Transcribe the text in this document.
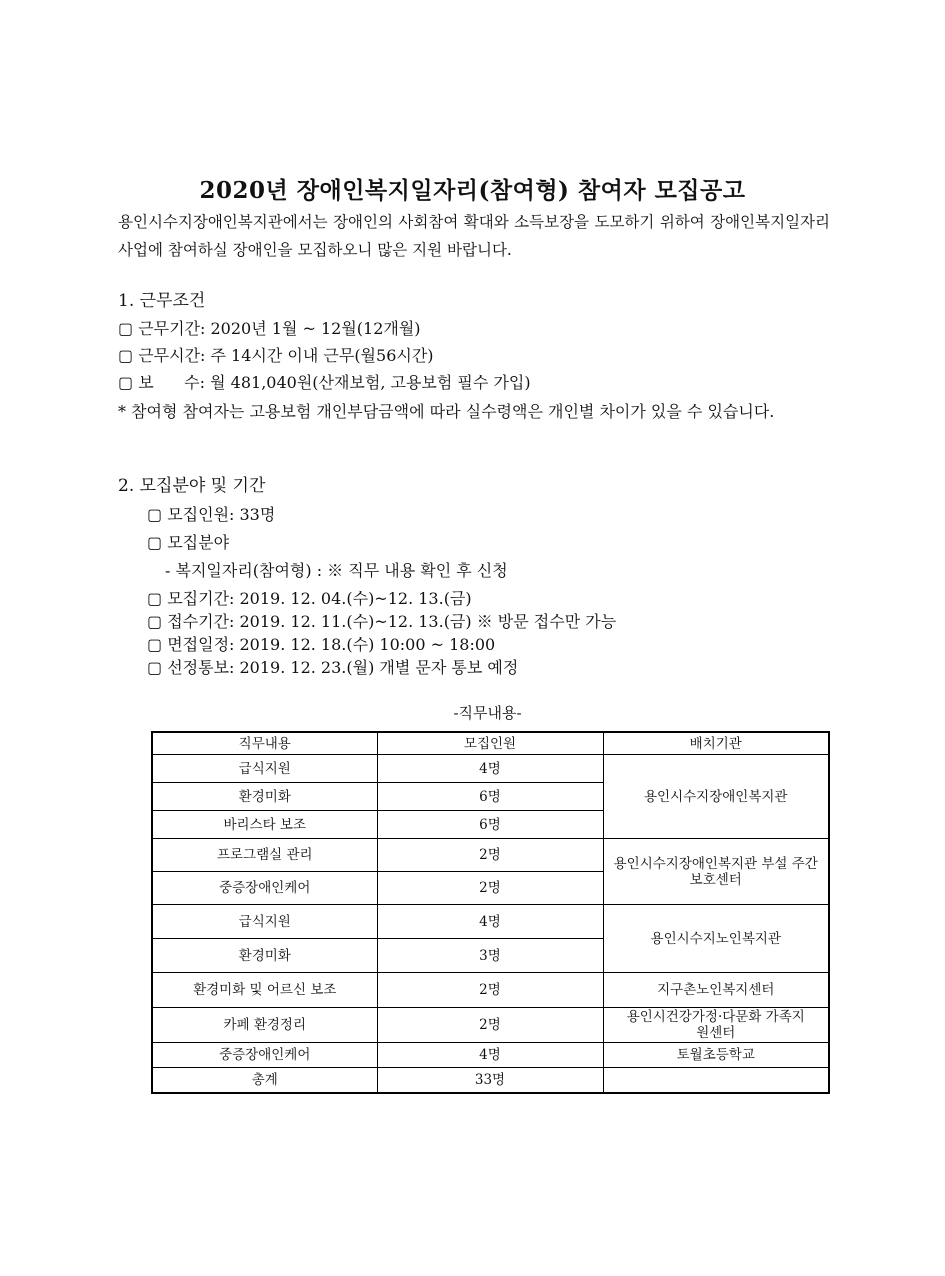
2020년 장애인복지일자리(참여형) 참여자 모집공고
용인시수지장애인복지관에서는 장애인의 사회참여 확대와 소득보장을 도모하기 위하여 장애인복지일자리 사업에 참여하실 장애인을 모집하오니 많은 지원 바랍니다.
1. 근무조건
▢ 근무기간: 2020년 1월 ~ 12월(12개월)
▢ 근무시간: 주 14시간 이내 근무(월56시간)
▢ 보      수: 월 481,040원(산재보험, 고용보험 필수 가입)
* 참여형 참여자는 고용보험 개인부담금액에 따라 실수령액은 개인별 차이가 있을 수 있습니다.
2. 모집분야 및 기간
▢ 모집인원: 33명
▢ 모집분야
- 복지일자리(참여형) : ※ 직무 내용 확인 후 신청
▢ 모집기간: 2019. 12. 04.(수)~12. 13.(금)
▢ 접수기간: 2019. 12. 11.(수)~12. 13.(금) ※ 방문 접수만 가능
▢ 면접일정: 2019. 12. 18.(수) 10:00 ~ 18:00
▢ 선정통보: 2019. 12. 23.(월) 개별 문자 통보 예정
-직무내용-
직무내용	모집인원	배치기관
급식지원	4명	용인시수지장애인복지관
환경미화	6명	
바리스타 보조	6명	
프로그램실 관리	2명	용인시수지장애인복지관 부설 주간보호센터
중증장애인케어	2명	
급식지원	4명	용인시수지노인복지관
환경미화	3명	
환경미화 및 어르신 보조	2명	지구촌노인복지센터
카페 환경정리	2명	용인시건강가정·다문화 가족지원센터
중증장애인케어	4명	토월초등학교
총계	33명	
